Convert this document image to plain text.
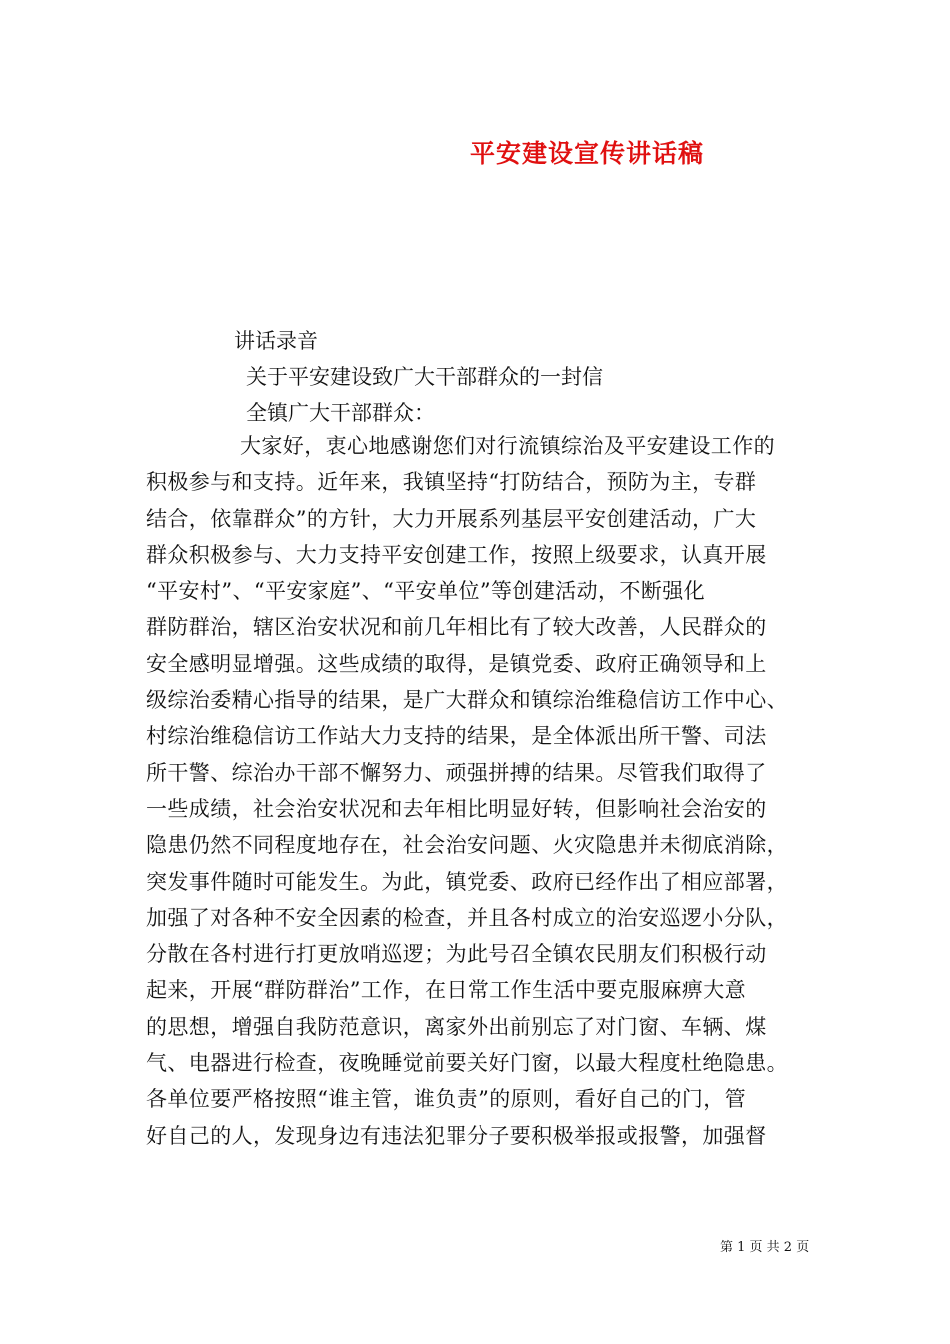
平安建设宣传讲话稿
讲话录音
关于平安建设致广大干部群众的一封信
全镇广大干部群众：
大家好，衷心地感谢您们对行流镇综治及平安建设工作的
积极参与和支持。近年来，我镇坚持“打防结合，预防为主，专群
结合，依靠群众”的方针，大力开展系列基层平安创建活动，广大
群众积极参与、大力支持平安创建工作，按照上级要求，认真开展
“平安村”、“平安家庭”、“平安单位”等创建活动，不断强化
群防群治，辖区治安状况和前几年相比有了较大改善，人民群众的
安全感明显增强。这些成绩的取得，是镇党委、政府正确领导和上
级综治委精心指导的结果，是广大群众和镇综治维稳信访工作中心、
村综治维稳信访工作站大力支持的结果，是全体派出所干警、司法
所干警、综治办干部不懈努力、顽强拼搏的结果。尽管我们取得了
一些成绩，社会治安状况和去年相比明显好转，但影响社会治安的
隐患仍然不同程度地存在，社会治安问题、火灾隐患并未彻底消除，
突发事件随时可能发生。为此，镇党委、政府已经作出了相应部署，
加强了对各种不安全因素的检查，并且各村成立的治安巡逻小分队，
分散在各村进行打更放哨巡逻；为此号召全镇农民朋友们积极行动
起来，开展“群防群治”工作，在日常工作生活中要克服麻痹大意
的思想，增强自我防范意识，离家外出前别忘了对门窗、车辆、煤
气、电器进行检查，夜晚睡觉前要关好门窗，以最大程度杜绝隐患。
各单位要严格按照“谁主管，谁负责”的原则，看好自己的门，管
好自己的人，发现身边有违法犯罪分子要积极举报或报警，加强督
第 1 页 共 2 页
